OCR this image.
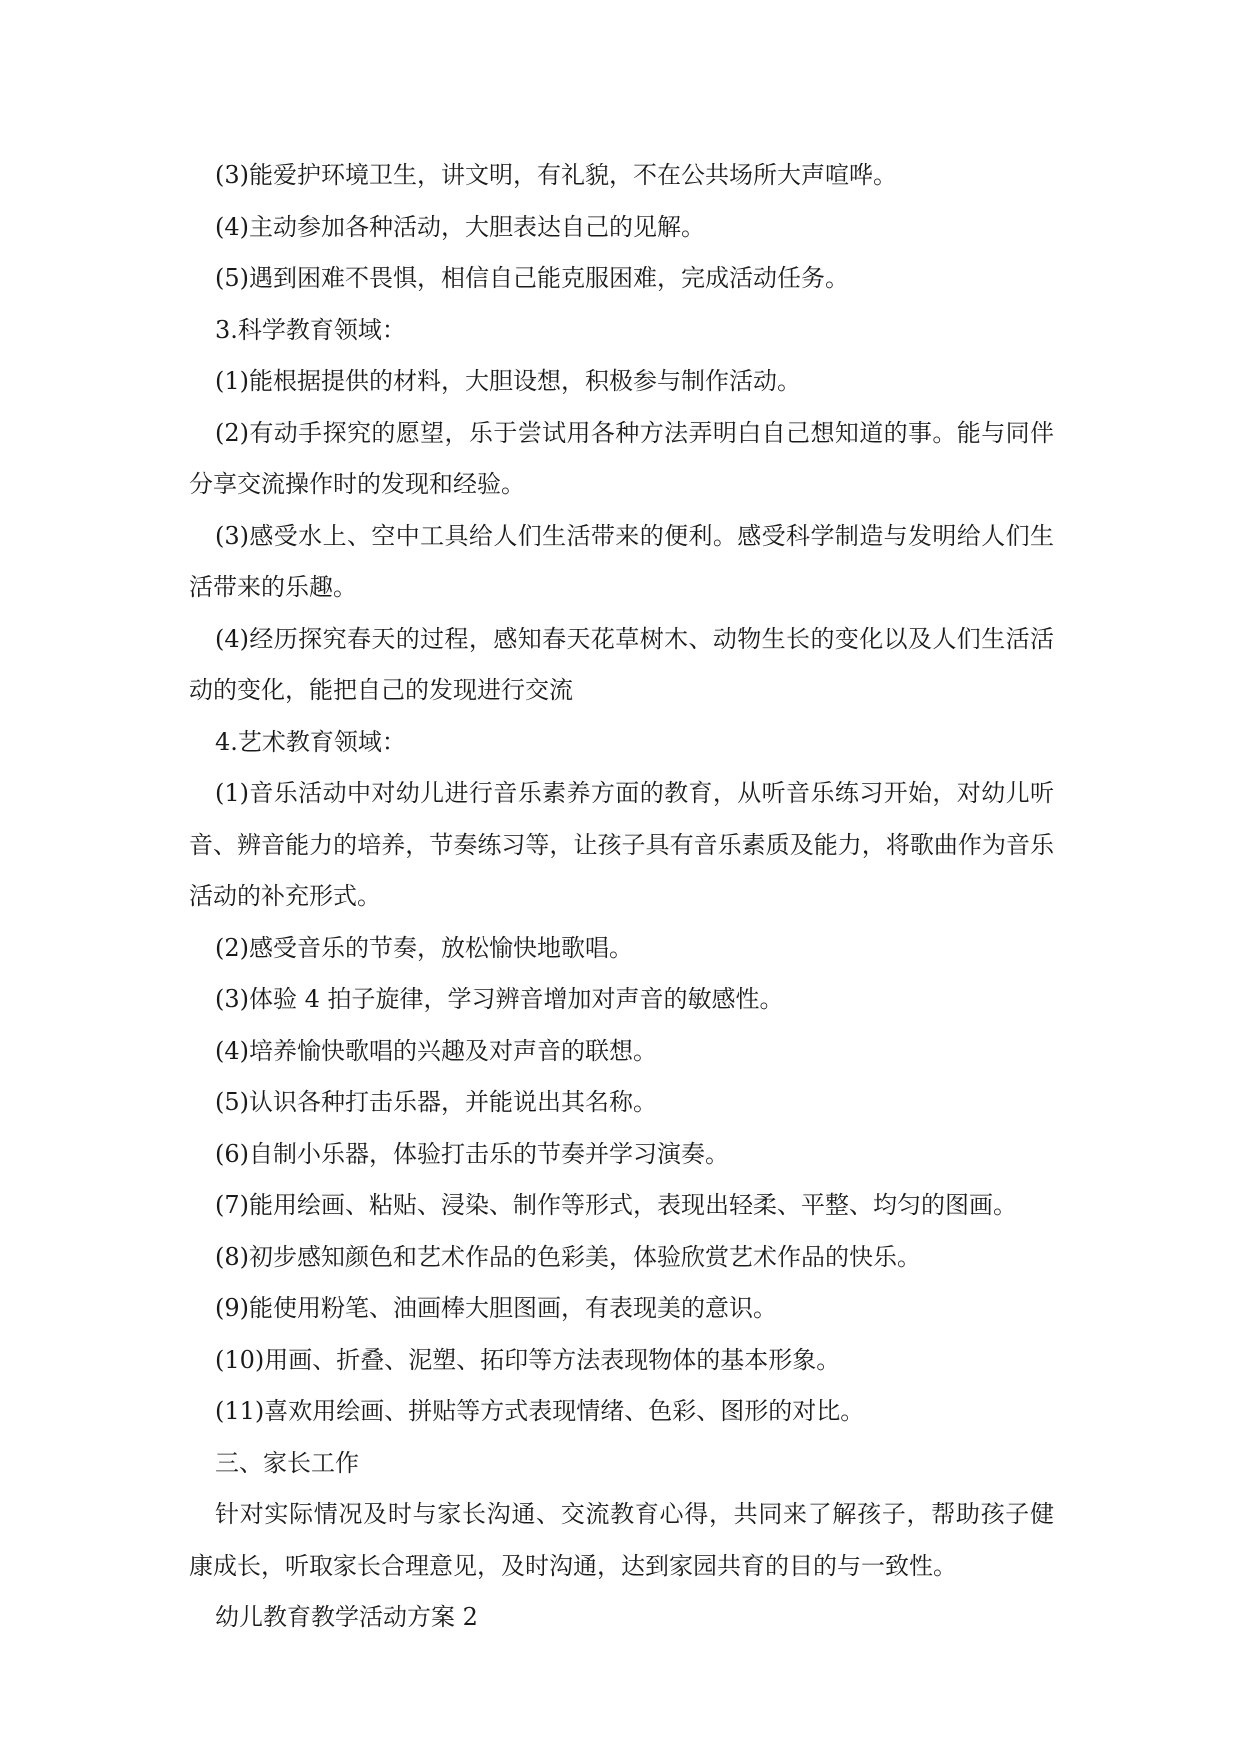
(3)能爱护环境卫生，讲文明，有礼貌，不在公共场所大声喧哗。

(4)主动参加各种活动，大胆表达自己的见解。

(5)遇到困难不畏惧，相信自己能克服困难，完成活动任务。

3.科学教育领域：

(1)能根据提供的材料，大胆设想，积极参与制作活动。

(2)有动手探究的愿望，乐于尝试用各种方法弄明白自己想知道的事。能与同伴分享交流操作时的发现和经验。

(3)感受水上、空中工具给人们生活带来的便利。感受科学制造与发明给人们生活带来的乐趣。

(4)经历探究春天的过程，感知春天花草树木、动物生长的变化以及人们生活活动的变化，能把自己的发现进行交流

4.艺术教育领域：

(1)音乐活动中对幼儿进行音乐素养方面的教育，从听音乐练习开始，对幼儿听音、辨音能力的培养，节奏练习等，让孩子具有音乐素质及能力，将歌曲作为音乐活动的补充形式。

(2)感受音乐的节奏，放松愉快地歌唱。

(3)体验 4 拍子旋律，学习辨音增加对声音的敏感性。

(4)培养愉快歌唱的兴趣及对声音的联想。

(5)认识各种打击乐器，并能说出其名称。

(6)自制小乐器，体验打击乐的节奏并学习演奏。

(7)能用绘画、粘贴、浸染、制作等形式，表现出轻柔、平整、均匀的图画。

(8)初步感知颜色和艺术作品的色彩美，体验欣赏艺术作品的快乐。

(9)能使用粉笔、油画棒大胆图画，有表现美的意识。

(10)用画、折叠、泥塑、拓印等方法表现物体的基本形象。

(11)喜欢用绘画、拼贴等方式表现情绪、色彩、图形的对比。

三、家长工作

针对实际情况及时与家长沟通、交流教育心得，共同来了解孩子，帮助孩子健康成长，听取家长合理意见，及时沟通，达到家园共育的目的与一致性。

幼儿教育教学活动方案 2
